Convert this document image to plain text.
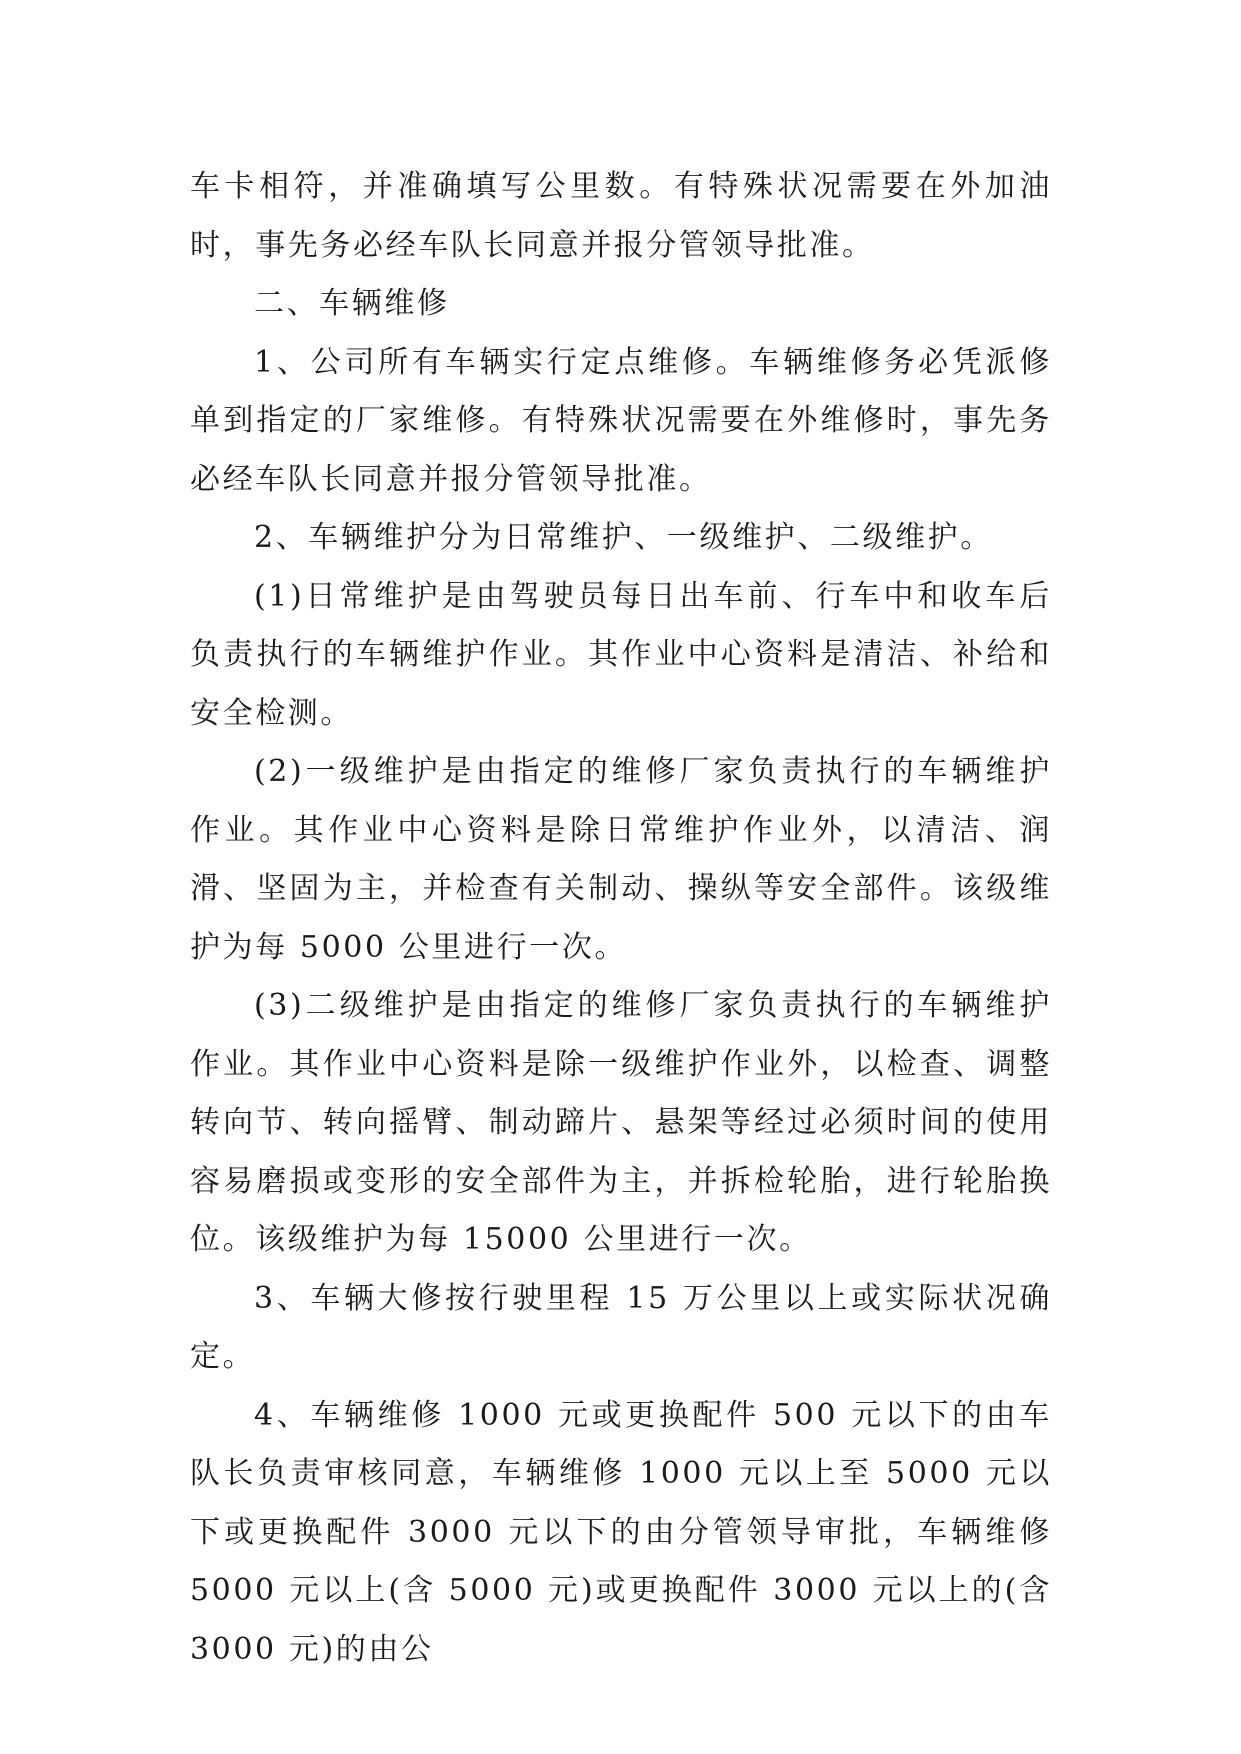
车卡相符，并准确填写公里数。有特殊状况需要在外加油时，事先务必经车队长同意并报分管领导批准。

二、车辆维修

1、公司所有车辆实行定点维修。车辆维修务必凭派修单到指定的厂家维修。有特殊状况需要在外维修时，事先务必经车队长同意并报分管领导批准。

2、车辆维护分为日常维护、一级维护、二级维护。

(1)日常维护是由驾驶员每日出车前、行车中和收车后负责执行的车辆维护作业。其作业中心资料是清洁、补给和安全检测。

(2)一级维护是由指定的维修厂家负责执行的车辆维护作业。其作业中心资料是除日常维护作业外，以清洁、润滑、坚固为主，并检查有关制动、操纵等安全部件。该级维护为每 5000 公里进行一次。

(3)二级维护是由指定的维修厂家负责执行的车辆维护作业。其作业中心资料是除一级维护作业外，以检查、调整转向节、转向摇臂、制动蹄片、悬架等经过必须时间的使用容易磨损或变形的安全部件为主，并拆检轮胎，进行轮胎换位。该级维护为每 15000 公里进行一次。

3、车辆大修按行驶里程 15 万公里以上或实际状况确定。

4、车辆维修 1000 元或更换配件 500 元以下的由车队长负责审核同意，车辆维修 1000 元以上至 5000 元以下或更换配件 3000 元以下的由分管领导审批，车辆维修 5000 元以上(含 5000 元)或更换配件 3000 元以上的(含 3000 元)的由公
